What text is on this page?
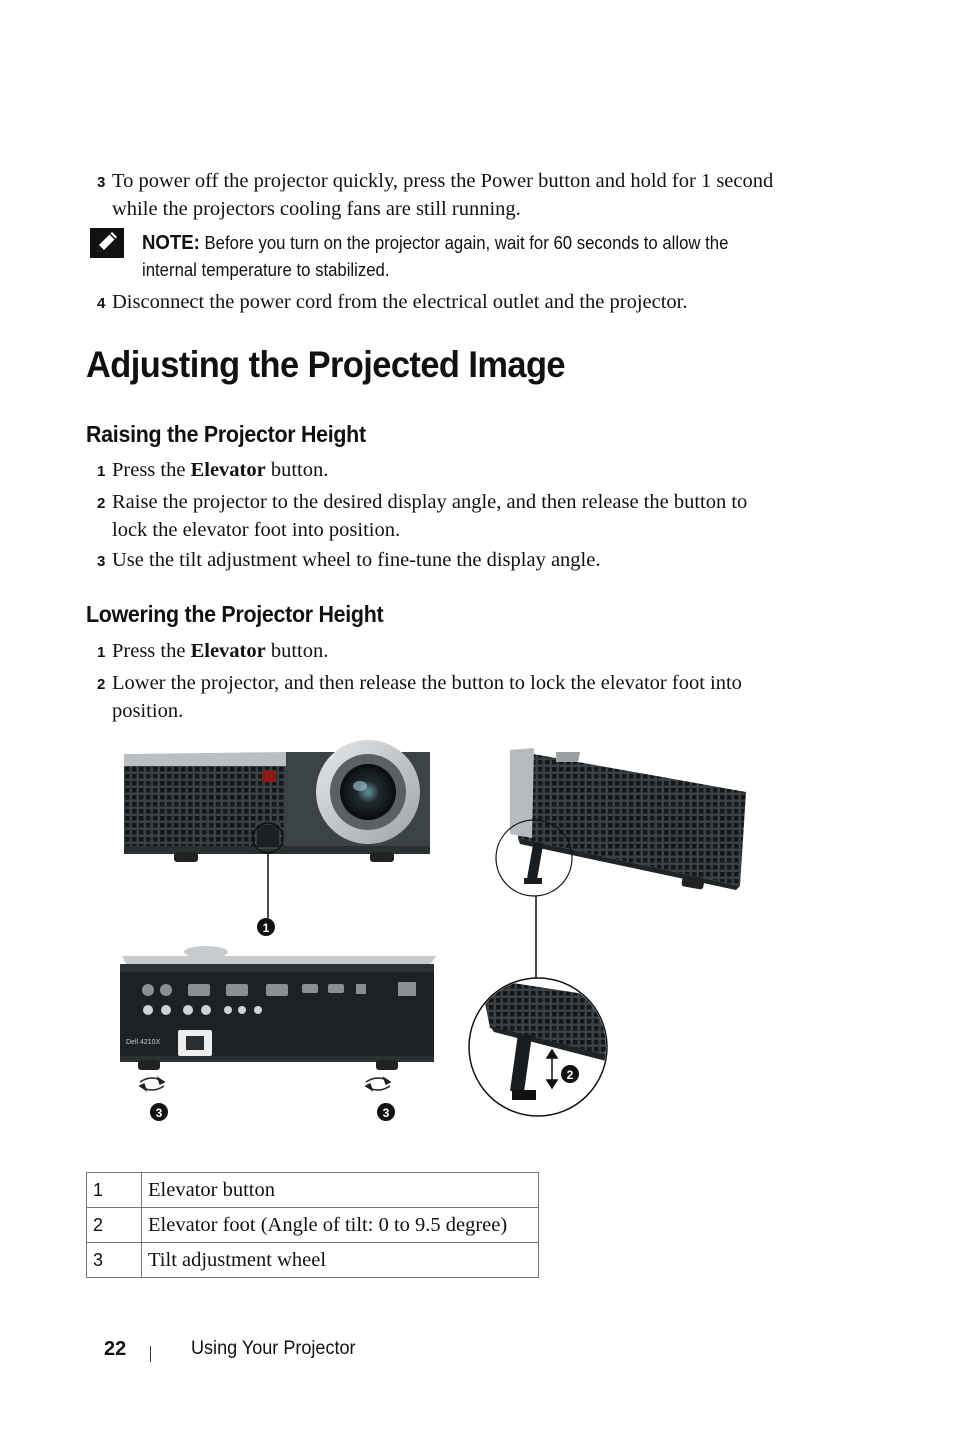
3 To power off the projector quickly, press the Power button and hold for 1 second
while the projectors cooling fans are still running.
NOTE: Before you turn on the projector again, wait for 60 seconds to allow the
internal temperature to stabilized.
4 Disconnect the power cord from the electrical outlet and the projector.
Adjusting the Projected Image
Raising the Projector Height
1 Press the Elevator button.
2 Raise the projector to the desired display angle, and then release the button to
lock the elevator foot into position.
3 Use the tilt adjustment wheel to fine-tune the display angle.
Lowering the Projector Height
1 Press the Elevator button.
2 Lower the projector, and then release the button to lock the elevator foot into
position.
1
Dell 4210X
3	3
2
1	Elevator button
2	Elevator foot (Angle of tilt: 0 to 9.5 degree)
3	Tilt adjustment wheel
22	Using Your Projector
